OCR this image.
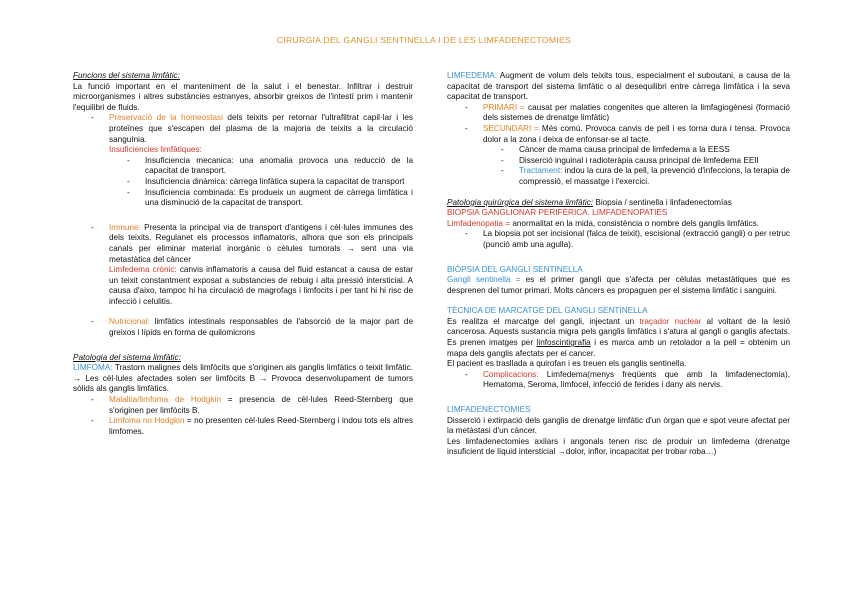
CIRURGIA DEL GANGLI SENTINELLA I DE LES LIMFADENECTOMIES

Funcions del sistema limfàtic:

La funció important en el manteniment de la salut i el benestar. Infiltrar i destruir microorganismes i altres substàncies estranyes, absorbir greixos de l'intestí prim i mantenir l'equilibri de fluids.

- Preservació de la homeostasi dels teixits per retornar l'ultrafiltrat capil·lar i les proteïnes que s'escapen del plasma de la majoria de teixits a la circulació sanguínia.
Insuficiencies limfàtiques:
- Insuficiencia mecanica: una anomalia provoca una reducció de la capacitat de transport.
- Insuficiencia dinàmica: càrrega linfàtica supera la capacitat de transport
- Insuficiencia combinada: Es produeix un augment de càrrega limfàtica i una disminució de la capacitat de transport.
- Immune: Presenta la principal via de transport d'antigens i cèl·lules immunes des dels teixits. Regulanet els processos inflamatoris, alhora que son els principals canals per eliminar material inorgànic o cèlules tumorals → sent una via metastàtica del càncer
Limfedema crònic: canvis inflamatoris a causa del fluid estancat a causa de estar un teixit constantment exposat a substancies de rebuig i alta pressió intersticial. A causa d'aixo, tampoc hi ha circulació de magrofags i limfocits i per tant hi hi risc de infecció i celulitis.
- Nutricional: limfàtics intestinals responsables de l'absorció de la major part de greixos i lípids en forma de quilomicrons

Patologia del sistema limfàtic:

LIMFOMA: Trastorn malignes dels limfòcits que s'originen als ganglis limfàtics o teixit limfàtic. → Les cèl·lules afectades solen ser limfòcits B → Provoca desenvolupament de tumors sòlids als ganglis limfàtics.

- Malaltia/limfoma de Hodgkin = presencia de cèl·lules Reed-Sternberg que s'originen per limfòcits B.
- Limfoma no Hodgkin = no presenten cèl·lules Reed-Sternberg i indou tots els altres limfomes.

LIMFEDEMA: Augment de volum dels teixits tous, especialment el suboutani, a causa de la capacitat de transport del sistema limfàtic o al desequilibri entre càrrega limfàtica i la seva capacitat de transport.

- PRIMARI = causat per malaties congenites que alteren la limfagiogènesi (formació dels sistemes de drenatge limfàtic)
- SECUNDARI = Més comú. Provoca canvis de pell i es torna dura i tensa. Provoca dolor a la zona i deixa de enfonsar-se al tacte.
- Càncer de mama causa principal de limfedema a la EESS
- Disserció inguinal i radioteràpia causa principal de limfedema EEII
- Tractament: indou la cura de la pell, la prevenció d'infeccions, la terapia de compressió, el massatge i l'exercici.

Patologia quirúrgica del sistema limfàtic: Biopsia / sentinella i linfadenectomías

BIOPSIA GANGLIONAR PERIFÈRICA. LIMFADENOPATIES

Limfadenopatia = anormalitat en la mida, consistència o nombre dels ganglis limfàtics.

- La biopsia pot ser incisional (falca de teixit), escisional (extracció gangli) o per retruc (punció amb una agulla).

BIÒPSIA DEL GANGLI SENTINELLA

Gangli sentinella = es el primer gangli que s'afecta per células metastàtiques que es desprenen del tumor primari. Molts càncers es propaguen per el sistema limfàtic i sanguini.

TÈCNICA DE MARCATGE DEL GANGLI SENTINELLA

Es realitza el marcatge del gangli, injectant un traçador nuclear al voltant de la lesió cancerosa. Aquests sustancia migra pels ganglis limfàtics i s'atura al gangli o ganglis afectats. Es prenen imatges per linfoscintigrafia i es marca amb un retolador a la pell = obtenim un mapa dels ganglis afectats per el cancer.

El pacient es trasllada a quirofan i es treuen els ganglis sentinella.

- Complicacions: Limfedema(menys freqüents que amb la limfadenectomia), Hematoma, Seroma, limfocel, infecció de ferides i dany als nervis.

LIMFADENECTOMIES

Disserció i extirpació dels ganglis de drenatge limfàtic d'un òrgan que e spot veure afectat per la metàstasi d'un càncer.

Les limfadenectomies axilars i angonals tenen risc de produir un limfedema (drenatge insuficient de líquid intersticial →dolor, inflor, incapacitat per trobar roba…)
